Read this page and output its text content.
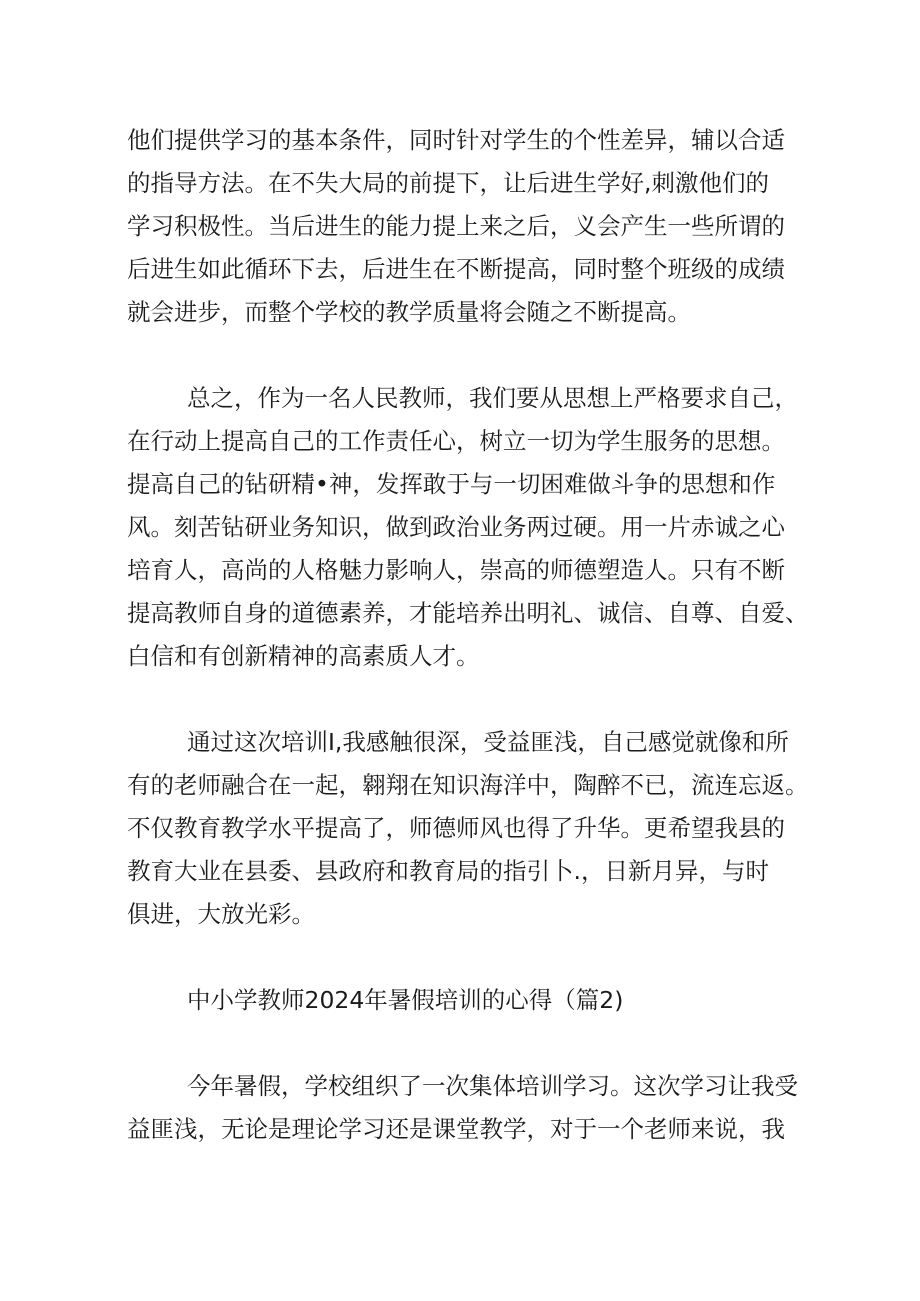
他们提供学习的基本条件，同时针对学生的个性差异，辅以合适
的指导方法。在不失大局的前提下，让后进生学好,刺激他们的
学习积极性。当后进生的能力提上来之后，义会产生一些所谓的
后进生如此循环下去，后进生在不断提高，同时整个班级的成绩
就会进步，而整个学校的教学质量将会随之不断提高。
总之，作为一名人民教师，我们要从思想上严格要求自己，
在行动上提高自己的工作责任心，树立一切为学生服务的思想。
提高自己的钻研精•神，发挥敢于与一切困难做斗争的思想和作
风。刻苦钻研业务知识，做到政治业务两过硬。用一片赤诚之心
培育人，高尚的人格魅力影响人，崇高的师德塑造人。只有不断
提高教师自身的道德素养，才能培养出明礼、诚信、自尊、自爱、
白信和有创新精神的高素质人才。
通过这次培训I,我感触很深，受益匪浅，自己感觉就像和所
有的老师融合在一起，翱翔在知识海洋中，陶醉不已，流连忘返。
不仅教育教学水平提高了，师德师风也得了升华。更希望我县的
教育大业在县委、县政府和教育局的指引卜.，日新月异，与时
俱进，大放光彩。
中小学教师2024年暑假培训的心得（篇2)
今年暑假，学校组织了一次集体培训学习。这次学习让我受
益匪浅，无论是理论学习还是课堂教学，对于一个老师来说，我
